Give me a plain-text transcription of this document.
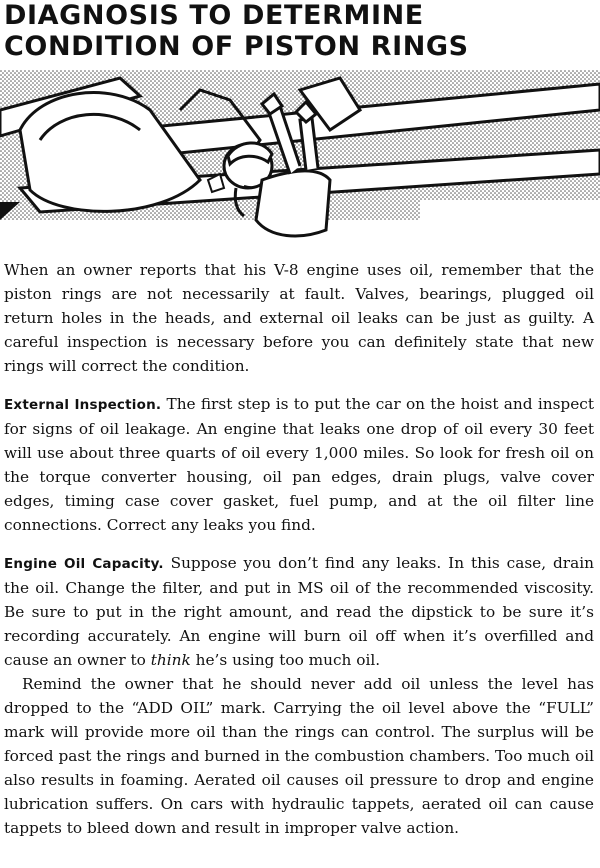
DIAGNOSIS TO DETERMINE
CONDITION OF PISTON RINGS

When an owner reports that his V-8 engine uses oil, remember that the piston rings are not necessarily at fault. Valves, bearings, plugged oil return holes in the heads, and external oil leaks can be just as guilty. A careful inspection is necessary before you can definitely state that new rings will correct the condition.

External Inspection. The first step is to put the car on the hoist and inspect for signs of oil leakage. An engine that leaks one drop of oil every 30 feet will use about three quarts of oil every 1,000 miles. So look for fresh oil on the torque converter housing, oil pan edges, drain plugs, valve cover edges, timing case cover gasket, fuel pump, and at the oil filter line connections. Correct any leaks you find.

Engine Oil Capacity. Suppose you don’t find any leaks. In this case, drain the oil. Change the filter, and put in MS oil of the recommended viscosity. Be sure to put in the right amount, and read the dipstick to be sure it’s recording accurately. An engine will burn oil off when it’s overfilled and cause an owner to think he’s using too much oil.

Remind the owner that he should never add oil unless the level has dropped to the “ADD OIL” mark. Carrying the oil level above the “FULL” mark will provide more oil than the rings can control. The surplus will be forced past the rings and burned in the combustion chambers. Too much oil also results in foaming. Aerated oil causes oil pressure to drop and engine lubrication suffers. On cars with hydraulic tappets, aerated oil can cause tappets to bleed down and result in improper valve action.
